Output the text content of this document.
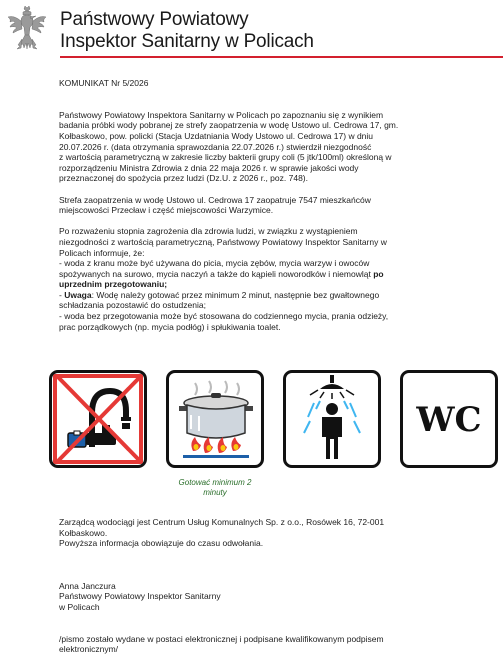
Państwowy Powiatowy
Inspektor Sanitarny w Policach

KOMUNIKAT Nr 5/2026

Państwowy Powiatowy Inspektora Sanitarny w Policach po zapoznaniu się z wynikiem

badania próbki wody pobranej ze strefy zaopatrzenia w wodę Ustowo ul. Cedrowa 17, gm.

Kołbaskowo, pow. policki (Stacja Uzdatniania Wody Ustowo ul. Cedrowa 17) w dniu

20.07.2026 r. (data otrzymania sprawozdania 22.07.2026 r.) stwierdził niezgodność

z wartością parametryczną w zakresie liczby bakterii grupy coli (5 jtk/100ml) określoną w

rozporządzeniu Ministra Zdrowia z dnia 22 maja 2026 r. w sprawie jakości wody

przeznaczonej do spożycia przez ludzi (Dz.U. z 2026 r., poz. 748).

Strefa zaopatrzenia w wodę Ustowo ul. Cedrowa 17 zaopatruje 7547 mieszkańców

miejscowości Przecław i część miejscowości Warzymice.

Po rozważeniu stopnia zagrożenia dla zdrowia ludzi, w związku z wystąpieniem

niezgodności z wartością parametryczną, Państwowy Powiatowy Inspektor Sanitarny w

Policach informuje, że:

- woda z kranu może być używana do picia, mycia zębów, mycia warzyw i owoców

spożywanych na surowo, mycia naczyń a także do kąpieli noworodków i niemowląt po

uprzednim przegotowaniu;

- Uwaga: Wodę należy gotować przez minimum 2 minut, następnie bez gwałtownego

schładzania pozostawić do ostudzenia;

- woda bez przegotowania może być stosowana do codziennego mycia, prania odzieży,

prac porządkowych (np. mycia podłóg) i spłukiwania toalet.

WC
Gotować minimum 2 minuty

Zarządcą wodociągi jest Centrum Usług Komunalnych Sp. z o.o., Rosówek 16, 72-001

Kołbaskowo.

Powyższa informacja obowiązuje do czasu odwołania.

Anna Janczura

Państwowy Powiatowy Inspektor Sanitarny

w Policach

/pismo zostało wydane w postaci elektronicznej i podpisane kwalifikowanym podpisem

elektronicznym/
